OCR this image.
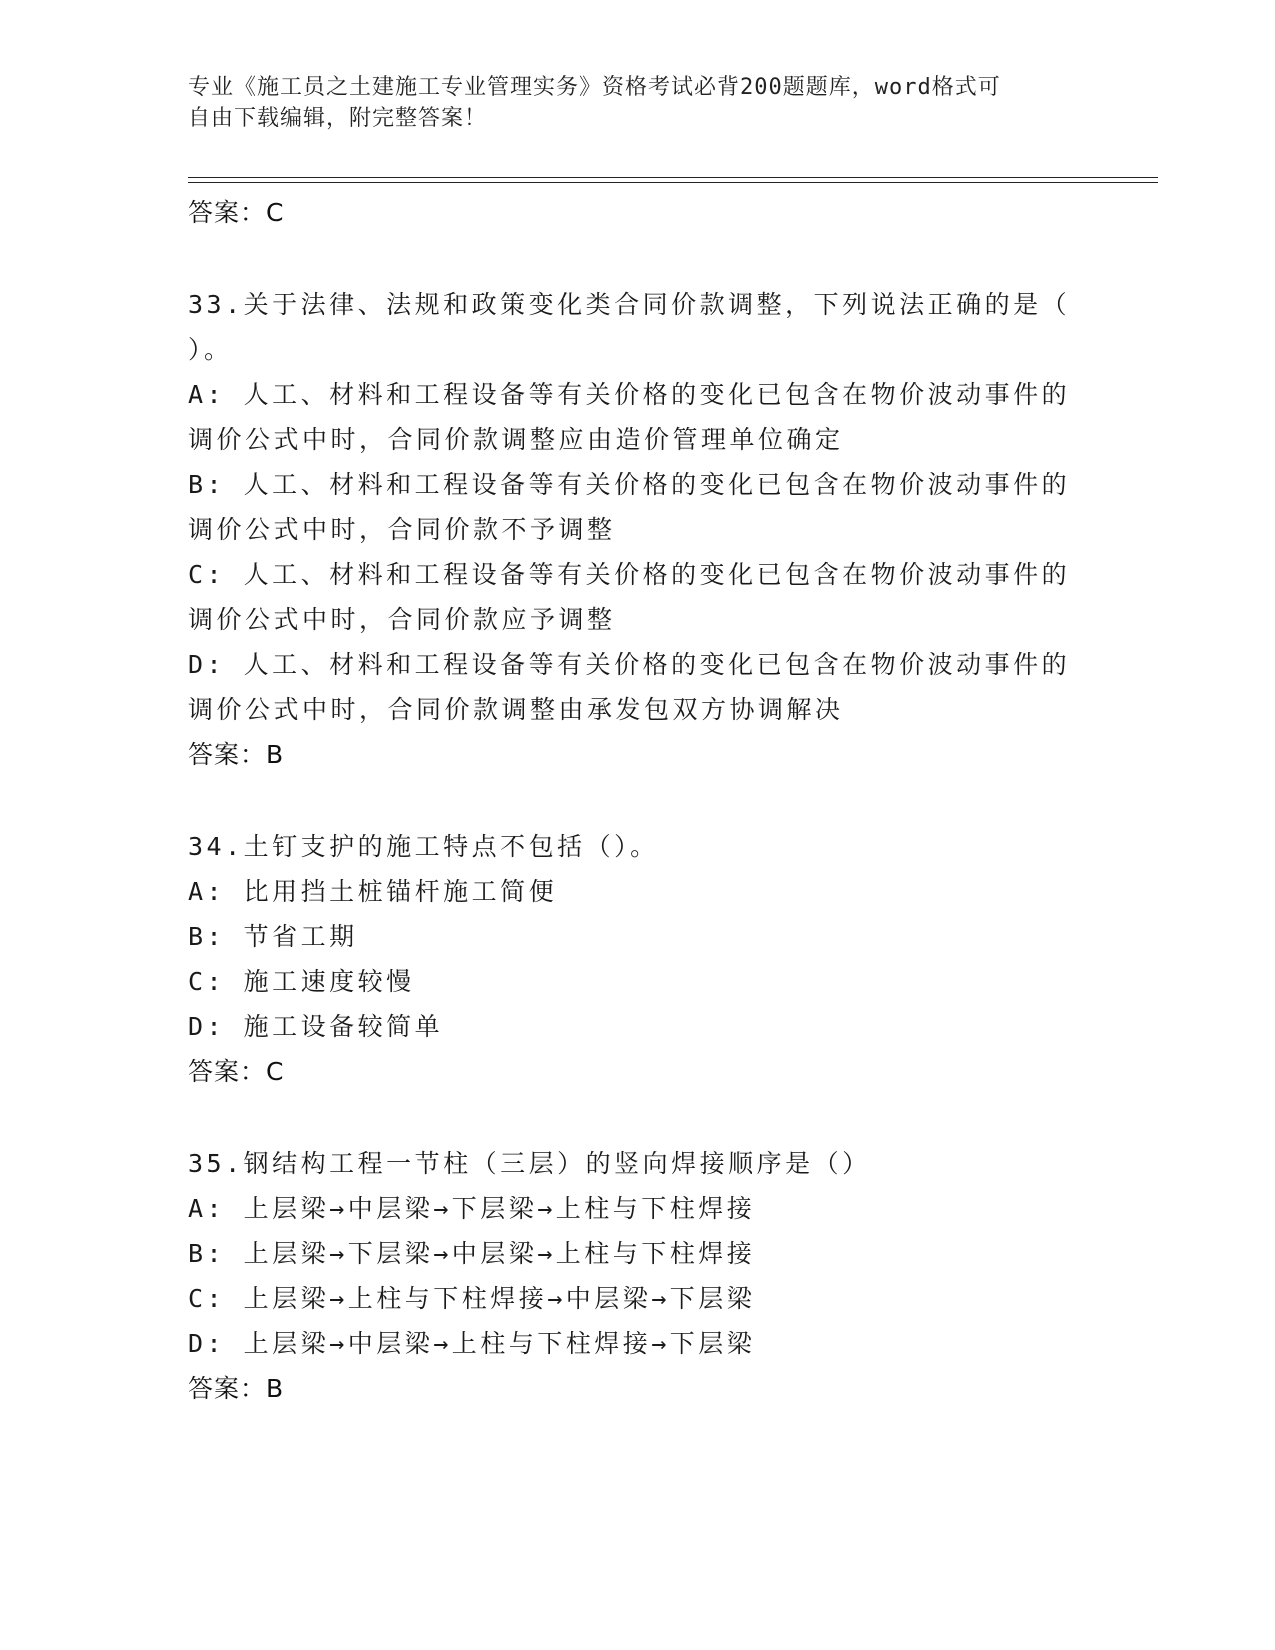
专业《施工员之土建施工专业管理实务》资格考试必背200题题库，word格式可
自由下载编辑，附完整答案！
答案：C
33.关于法律、法规和政策变化类合同价款调整，下列说法正确的是（
）。
A: 人工、材料和工程设备等有关价格的变化已包含在物价波动事件的
调价公式中时，合同价款调整应由造价管理单位确定
B: 人工、材料和工程设备等有关价格的变化已包含在物价波动事件的
调价公式中时，合同价款不予调整
C: 人工、材料和工程设备等有关价格的变化已包含在物价波动事件的
调价公式中时，合同价款应予调整
D: 人工、材料和工程设备等有关价格的变化已包含在物价波动事件的
调价公式中时，合同价款调整由承发包双方协调解决
答案：B
34.土钉支护的施工特点不包括（）。
A: 比用挡土桩锚杆施工简便
B: 节省工期
C: 施工速度较慢
D: 施工设备较简单
答案：C
35.钢结构工程一节柱（三层）的竖向焊接顺序是（）
A: 上层梁→中层梁→下层梁→上柱与下柱焊接
B: 上层梁→下层梁→中层梁→上柱与下柱焊接
C: 上层梁→上柱与下柱焊接→中层梁→下层梁
D: 上层梁→中层梁→上柱与下柱焊接→下层梁
答案：B
